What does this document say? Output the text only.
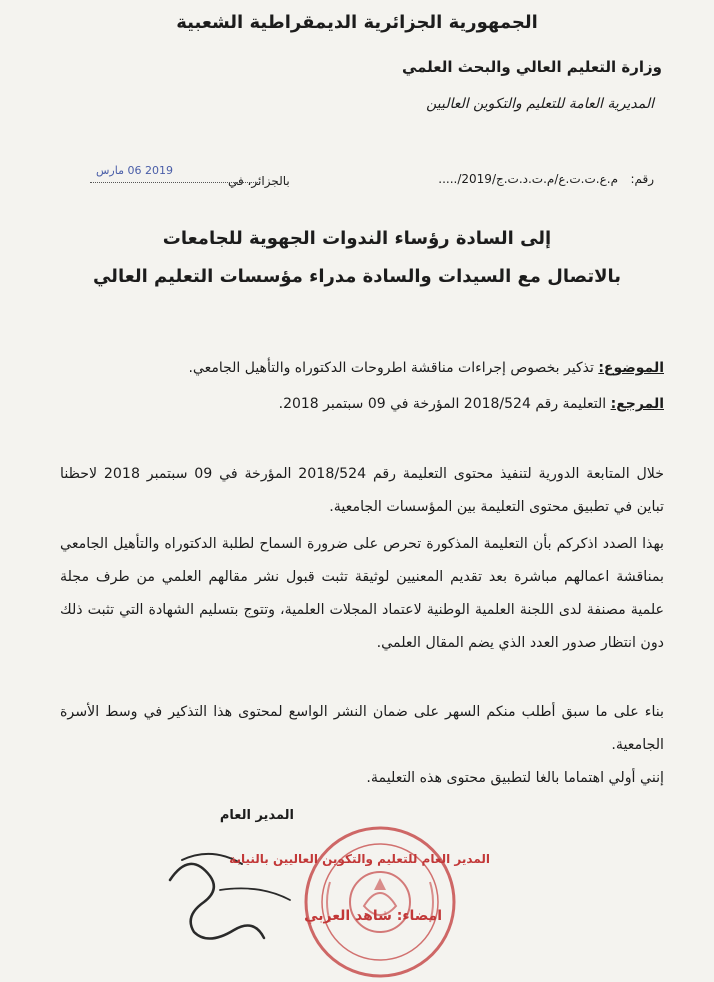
الجمهورية الجزائرية الديمقراطية الشعبية
وزارة التعليم العالي والبحث العلمي
المديرية العامة للتعليم والتكوين العاليين
رقم:
...../م.ع.ت.ت.ع/م.ت.د.ت.ج/2019
بالجزائر، في
2019 06 مارس
إلى السادة رؤساء الندوات الجهوية للجامعات
بالاتصال مع السيدات والسادة مدراء مؤسسات التعليم العالي
الموضوع: تذكير بخصوص إجراءات مناقشة اطروحات الدكتوراه والتأهيل الجامعي.
المرجع: التعليمة رقم 2018/524 المؤرخة في 09 سبتمبر 2018.
خلال المتابعة الدورية لتنفيذ محتوى التعليمة رقم 2018/524 المؤرخة في 09 سبتمبر 2018 لاحظنا تباين في تطبيق محتوى التعليمة بين المؤسسات الجامعية.
بهذا الصدد اذكركم بأن التعليمة المذكورة تحرص على ضرورة السماح لطلبة الدكتوراه والتأهيل الجامعي بمناقشة اعمالهم مباشرة بعد تقديم المعنيين لوثيقة تثبت قبول نشر مقالهم العلمي من طرف مجلة علمية مصنفة لدى اللجنة العلمية الوطنية لاعتماد المجلات العلمية، وتتوج بتسليم الشهادة التي تثبت ذلك دون انتظار صدور العدد الذي يضم المقال العلمي.
بناء على ما سبق أطلب منكم السهر على ضمان النشر الواسع لمحتوى هذا التذكير في وسط الأسرة الجامعية.
إنني أولي اهتماما بالغا لتطبيق محتوى هذه التعليمة.
المدير العام
المدير العام للتعليم والتكوين العاليين بالنيابة
امضاء: شاهد العربي
